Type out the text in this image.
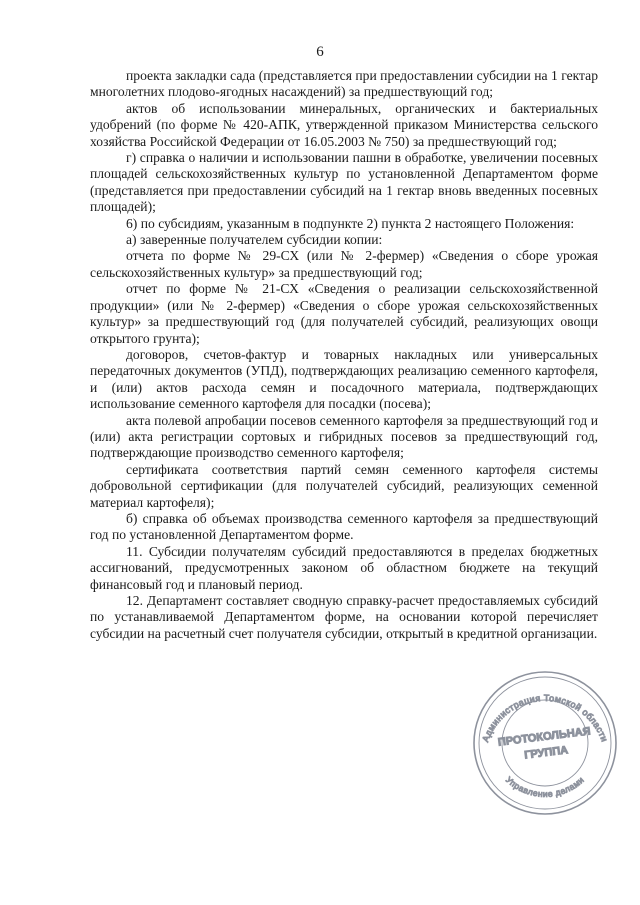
6

проекта закладки сада (представляется при предоставлении субсидии на 1 гектар многолетних плодово-ягодных насаждений) за предшествующий год;

актов об использовании минеральных, органических и бактериальных удобрений (по форме № 420-АПК, утвержденной приказом Министерства сельского хозяйства Российской Федерации от 16.05.2003 № 750) за предшествующий год;

г) справка о наличии и использовании пашни в обработке, увеличении посевных площадей сельскохозяйственных культур по установленной Департаментом форме (представляется при предоставлении субсидий на 1 гектар вновь введенных посевных площадей);

6) по субсидиям, указанным в подпункте 2) пункта 2 настоящего Положения:

а) заверенные получателем субсидии копии:

отчета по форме № 29-СХ (или № 2-фермер) «Сведения о сборе урожая сельскохозяйственных культур» за предшествующий год;

отчет по форме № 21-СХ «Сведения о реализации сельскохозяйственной продукции» (или № 2-фермер) «Сведения о сборе урожая сельскохозяйственных культур» за предшествующий год (для получателей субсидий, реализующих овощи открытого грунта);

договоров, счетов-фактур и товарных накладных или универсальных передаточных документов (УПД), подтверждающих реализацию семенного картофеля, и (или) актов расхода семян и посадочного материала, подтверждающих использование семенного картофеля для посадки (посева);

акта полевой апробации посевов семенного картофеля за предшествующий год и (или) акта регистрации сортовых и гибридных посевов за предшествующий год, подтверждающие производство семенного картофеля;

сертификата соответствия партий семян семенного картофеля системы добровольной сертификации (для получателей субсидий, реализующих семенной материал картофеля);

б) справка об объемах производства семенного картофеля за предшествующий год по установленной Департаментом форме.

11. Субсидии получателям субсидий предоставляются в пределах бюджетных ассигнований, предусмотренных законом об областном бюджете на текущий финансовый год и плановый период.

12. Департамент составляет сводную справку-расчет предоставляемых субсидий по устанавливаемой Департаментом форме, на основании которой перечисляет субсидии на расчетный счет получателя субсидии, открытый в кредитной организации.

Администрация Томской области
Управление делами
ПРОТОКОЛЬНАЯ
ГРУППА
